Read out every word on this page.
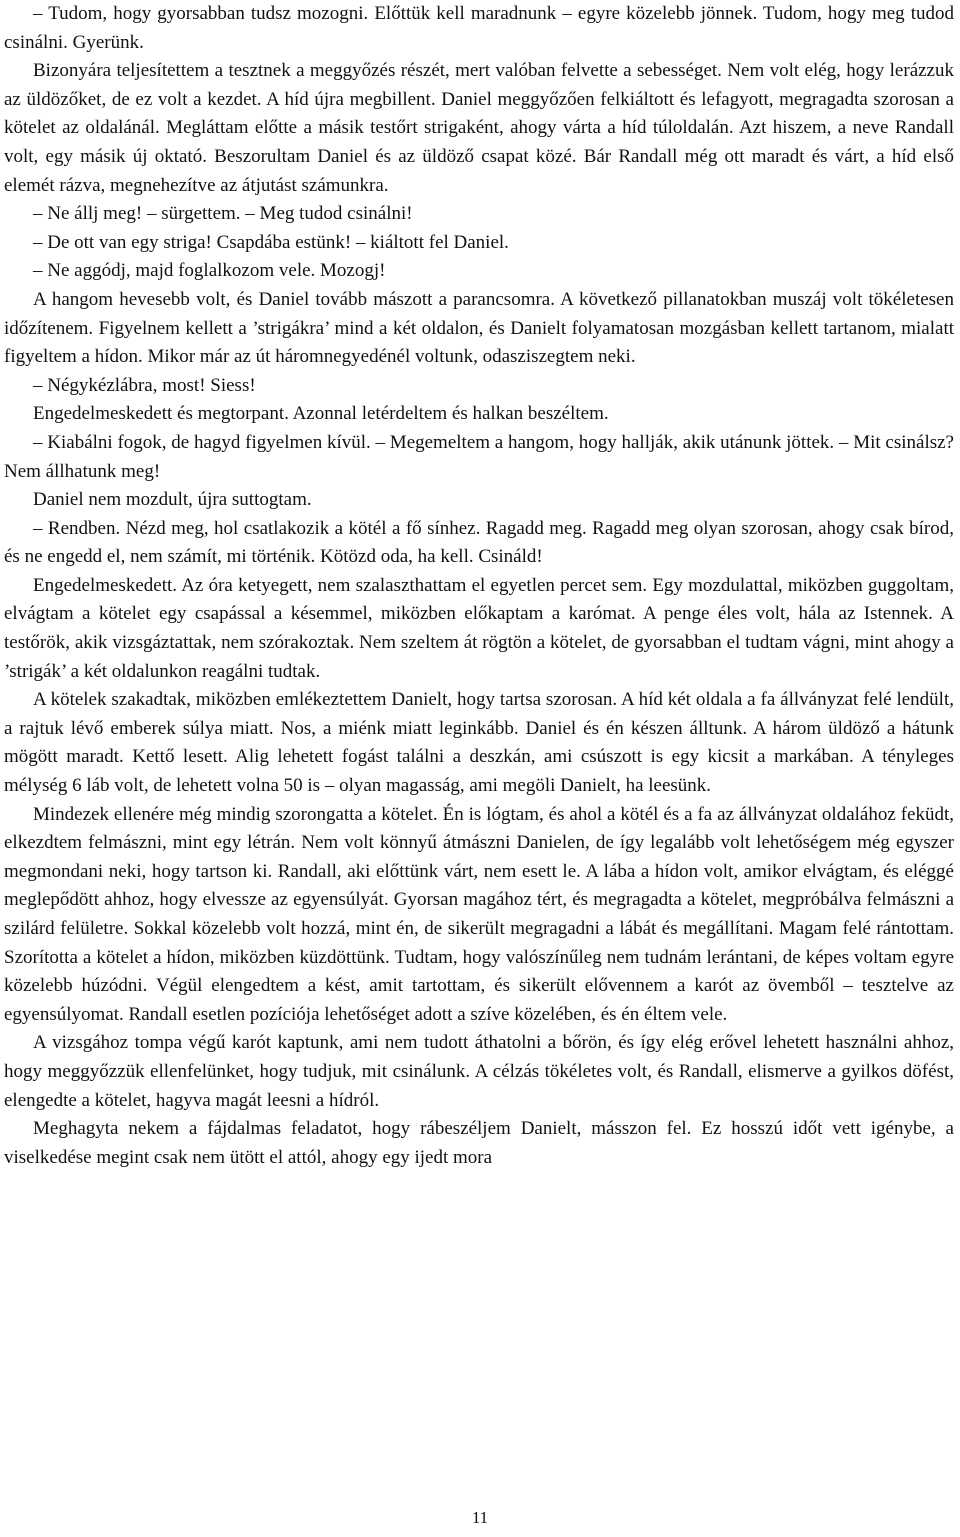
– Tudom, hogy gyorsabban tudsz mozogni. Előttük kell maradnunk – egyre közelebb jönnek. Tudom, hogy meg tudod csinálni. Gyerünk.

Bizonyára teljesítettem a tesztnek a meggyőzés részét, mert valóban felvette a sebességet. Nem volt elég, hogy lerázzuk az üldözőket, de ez volt a kezdet. A híd újra megbillent. Daniel meggyőzően felkiáltott és lefagyott, megragadta szorosan a kötelet az oldalánál. Megláttam előtte a másik testőrt strigaként, ahogy várta a híd túloldalán. Azt hiszem, a neve Randall volt, egy másik új oktató. Beszorultam Daniel és az üldöző csapat közé. Bár Randall még ott maradt és várt, a híd első elemét rázva, megnehezítve az átjutást számunkra.

– Ne állj meg! – sürgettem. – Meg tudod csinálni!

– De ott van egy striga! Csapdába estünk! – kiáltott fel Daniel.

– Ne aggódj, majd foglalkozom vele. Mozogj!

A hangom hevesebb volt, és Daniel tovább mászott a parancsomra. A következő pillanatokban muszáj volt tökéletesen időzítenem. Figyelnem kellett a ’strigákra’ mind a két oldalon, és Danielt folyamatosan mozgásban kellett tartanom, mialatt figyeltem a hídon. Mikor már az út háromnegyedénél voltunk, odasziszegtem neki.

– Négykézlábra, most! Siess!

Engedelmeskedett és megtorpant. Azonnal letérdeltem és halkan beszéltem.

– Kiabálni fogok, de hagyd figyelmen kívül. – Megemeltem a hangom, hogy hallják, akik utánunk jöttek. – Mit csinálsz? Nem állhatunk meg!

Daniel nem mozdult, újra suttogtam.

– Rendben. Nézd meg, hol csatlakozik a kötél a fő sínhez. Ragadd meg. Ragadd meg olyan szorosan, ahogy csak bírod, és ne engedd el, nem számít, mi történik. Kötözd oda, ha kell. Csináld!

Engedelmeskedett. Az óra ketyegett, nem szalaszthattam el egyetlen percet sem. Egy mozdulattal, miközben guggoltam, elvágtam a kötelet egy csapással a késemmel, miközben előkaptam a karómat. A penge éles volt, hála az Istennek. A testőrök, akik vizsgáztattak, nem szórakoztak. Nem szeltem át rögtön a kötelet, de gyorsabban el tudtam vágni, mint ahogy a ’strigák’ a két oldalunkon reagálni tudtak.

A kötelek szakadtak, miközben emlékeztettem Danielt, hogy tartsa szorosan. A híd két oldala a fa állványzat felé lendült, a rajtuk lévő emberek súlya miatt. Nos, a miénk miatt leginkább. Daniel és én készen álltunk. A három üldöző a hátunk mögött maradt. Kettő lesett. Alig lehetett fogást találni a deszkán, ami csúszott is egy kicsit a markában. A tényleges mélység 6 láb volt, de lehetett volna 50 is – olyan magasság, ami megöli Danielt, ha leesünk.

Mindezek ellenére még mindig szorongatta a kötelet. Én is lógtam, és ahol a kötél és a fa az állványzat oldalához feküdt, elkezdtem felmászni, mint egy létrán. Nem volt könnyű átmászni Danielen, de így legalább volt lehetőségem még egyszer megmondani neki, hogy tartson ki. Randall, aki előttünk várt, nem esett le. A lába a hídon volt, amikor elvágtam, és eléggé meglepődött ahhoz, hogy elvesszе az egyensúlyát. Gyorsan magához tért, és megragadta a kötelet, megpróbálva felmászni a szilárd felületre. Sokkal közelebb volt hozzá, mint én, de sikerült megragadni a lábát és megállítani. Magam felé rántottam. Szorította a kötelet a hídon, miközben küzdöttünk. Tudtam, hogy valószínűleg nem tudnám lerántani, de képes voltam egyre közelebb húzódni. Végül elengedtem a kést, amit tartottam, és sikerült elővennem a karót az övemből – tesztelve az egyensúlyomat. Randall esetlen pozíciója lehetőséget adott a szíve közelében, és én éltem vele.

A vizsgához tompa végű karót kaptunk, ami nem tudott áthatolni a bőrön, és így elég erővel lehetett használni ahhoz, hogy meggyőzzük ellenfelünket, hogy tudjuk, mit csinálunk. A célzás tökéletes volt, és Randall, elismerve a gyilkos döfést, elengedte a kötelet, hagyva magát leesni a hídról.

Meghagyta nekem a fájdalmas feladatot, hogy rábeszéljem Danielt, másszon fel. Ez hosszú időt vett igénybe, a viselkedése megint csak nem ütött el attól, ahogy egy ijedt mora

11
